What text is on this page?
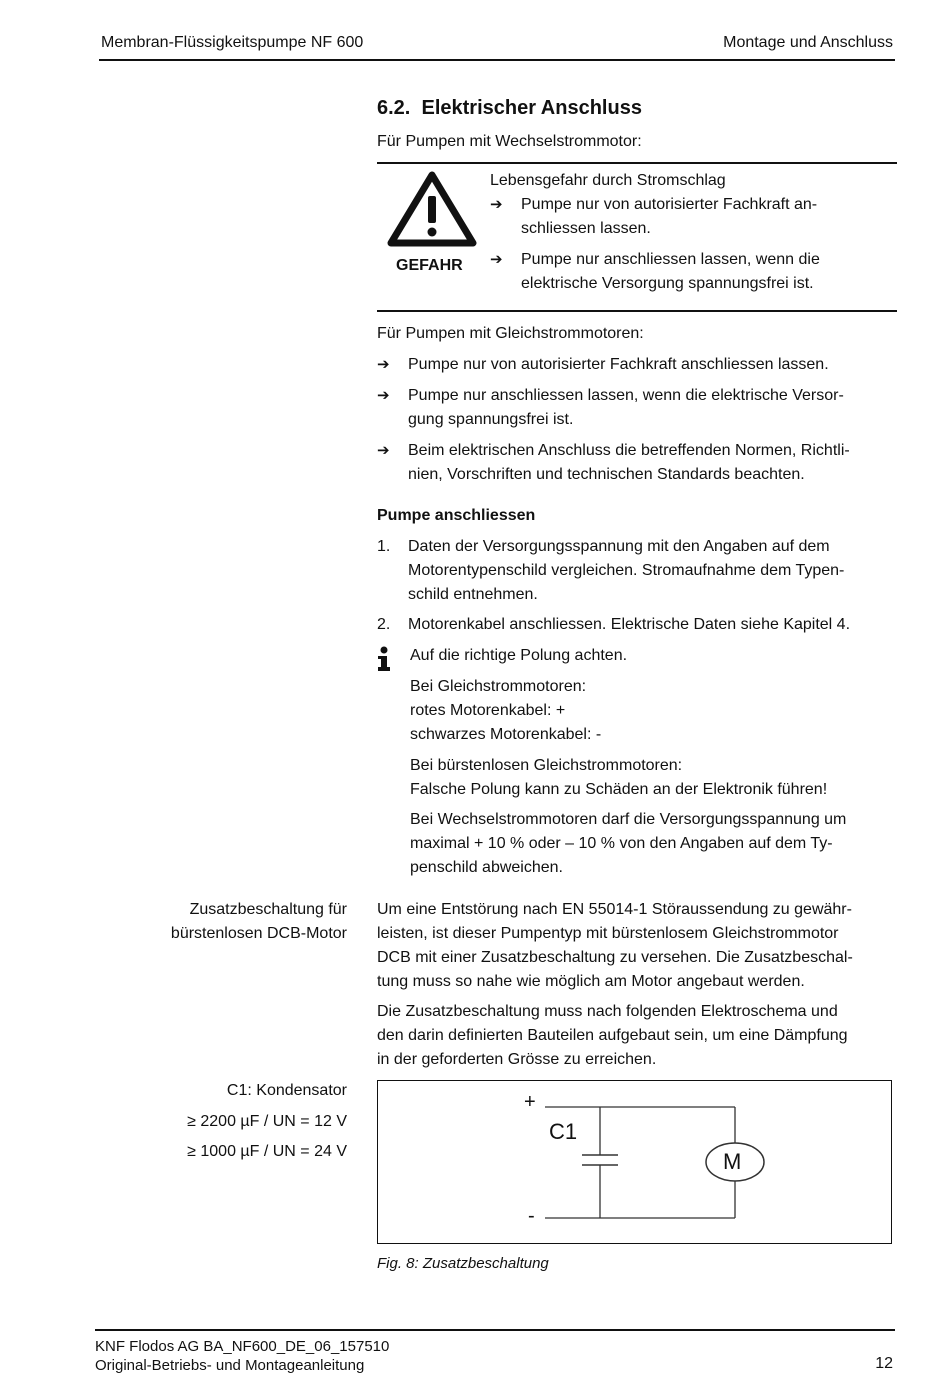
Membran-Flüssigkeitspumpe NF 600	Montage und Anschluss
6.2. Elektrischer Anschluss
Für Pumpen mit Wechselstrommotor:
GEFAHR
Lebensgefahr durch Stromschlag
➔	Pumpe nur von autorisierter Fachkraft an-
schliessen lassen.
➔	Pumpe nur anschliessen lassen, wenn die
elektrische Versorgung spannungsfrei ist.
Für Pumpen mit Gleichstrommotoren:
➔	Pumpe nur von autorisierter Fachkraft anschliessen lassen.
➔	Pumpe nur anschliessen lassen, wenn die elektrische Versor-
gung spannungsfrei ist.
➔	Beim elektrischen Anschluss die betreffenden Normen, Richtli-
nien, Vorschriften und technischen Standards beachten.
Pumpe anschliessen
1. Daten der Versorgungsspannung mit den Angaben auf dem
Motorentypenschild vergleichen. Stromaufnahme dem Typen-
schild entnehmen.
2. Motorenkabel anschliessen. Elektrische Daten siehe Kapitel 4.
Auf die richtige Polung achten.
Bei Gleichstrommotoren:
rotes Motorenkabel: +
schwarzes Motorenkabel: -
Bei bürstenlosen Gleichstrommotoren:
Falsche Polung kann zu Schäden an der Elektronik führen!
Bei Wechselstrommotoren darf die Versorgungsspannung um
maximal + 10 % oder – 10 % von den Angaben auf dem Ty-
penschild abweichen.
Zusatzbeschaltung für
bürstenlosen DCB-Motor
C1: Kondensator
≥ 2200 µF / UN = 12 V
≥ 1000 µF / UN = 24 V
Um eine Entstörung nach EN 55014-1 Störaussendung zu gewähr-
leisten, ist dieser Pumpentyp mit bürstenlosem Gleichstrommotor
DCB mit einer Zusatzbeschaltung zu versehen. Die Zusatzbeschal-
tung muss so nahe wie möglich am Motor angebaut werden.
Die Zusatzbeschaltung muss nach folgenden Elektroschema und
den darin definierten Bauteilen aufgebaut sein, um eine Dämpfung
in der geforderten Grösse zu erreichen.
+
-
C1
M
Fig. 8: Zusatzbeschaltung
KNF Flodos AG BA_NF600_DE_06_157510
Original-Betriebs- und Montageanleitung	12
